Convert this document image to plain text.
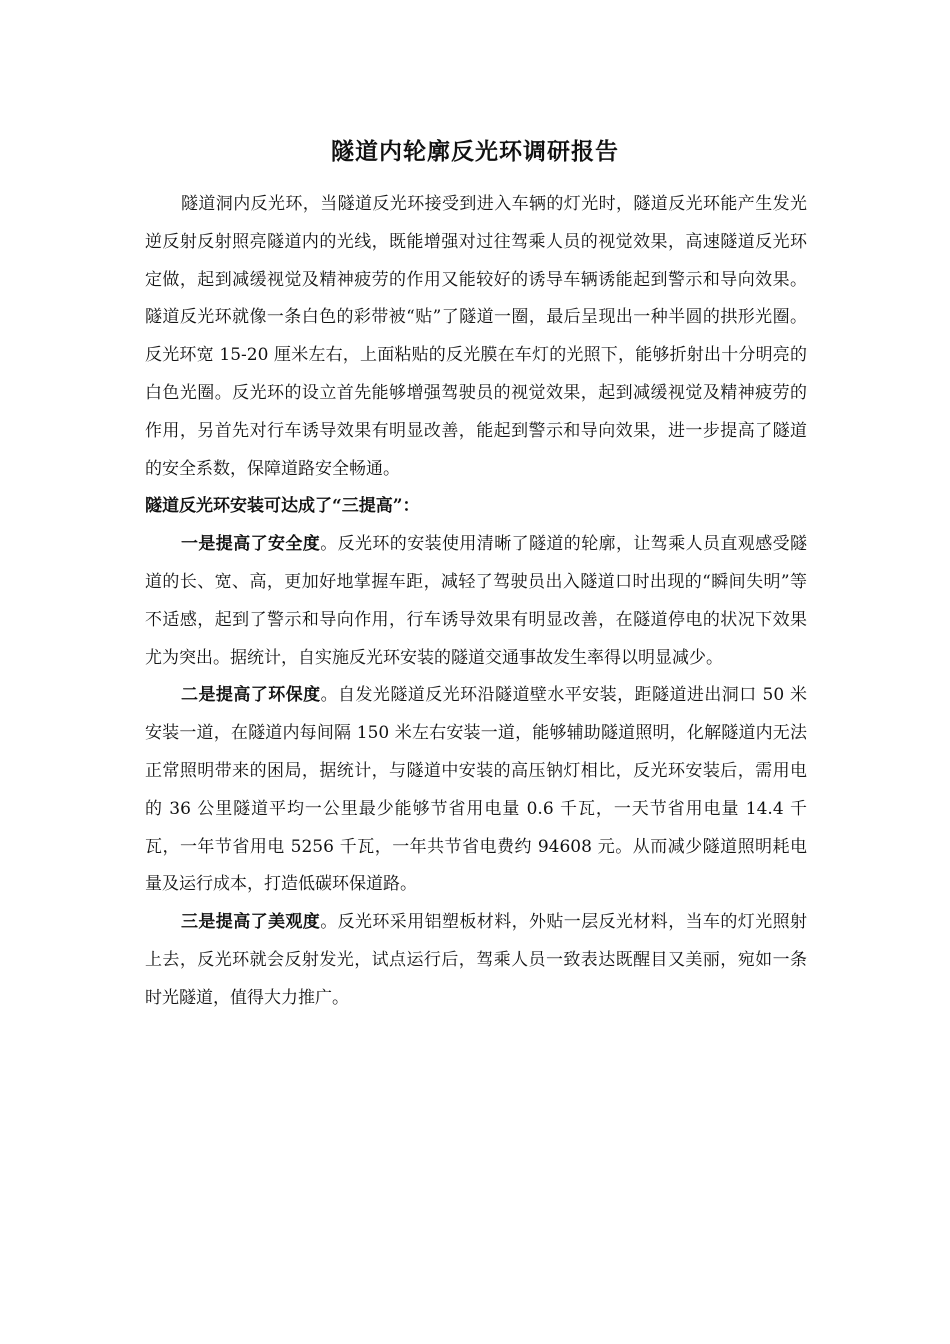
隧道内轮廓反光环调研报告

隧道洞内反光环，当隧道反光环接受到进入车辆的灯光时，隧道反光环能产生发光逆反射反射照亮隧道内的光线，既能增强对过往驾乘人员的视觉效果，高速隧道反光环定做，起到减缓视觉及精神疲劳的作用又能较好的诱导车辆诱能起到警示和导向效果。隧道反光环就像一条白色的彩带被“贴”了隧道一圈，最后呈现出一种半圆的拱形光圈。反光环宽 15-20 厘米左右，上面粘贴的反光膜在车灯的光照下，能够折射出十分明亮的白色光圈。反光环的设立首先能够增强驾驶员的视觉效果，起到减缓视觉及精神疲劳的作用，另首先对行车诱导效果有明显改善，能起到警示和导向效果，进一步提高了隧道的安全系数，保障道路安全畅通。

隧道反光环安装可达成了“三提高”：

一是提高了安全度。反光环的安装使用清晰了隧道的轮廓，让驾乘人员直观感受隧道的长、宽、高，更加好地掌握车距，减轻了驾驶员出入隧道口时出现的“瞬间失明”等不适感，起到了警示和导向作用，行车诱导效果有明显改善，在隧道停电的状况下效果尤为突出。据统计，自实施反光环安装的隧道交通事故发生率得以明显减少。

二是提高了环保度。自发光隧道反光环沿隧道壁水平安装，距隧道进出洞口 50 米安装一道，在隧道内每间隔 150 米左右安装一道，能够辅助隧道照明，化解隧道内无法正常照明带来的困局，据统计，与隧道中安装的高压钠灯相比，反光环安装后，需用电的 36 公里隧道平均一公里最少能够节省用电量 0.6 千瓦，一天节省用电量 14.4 千瓦，一年节省用电 5256 千瓦，一年共节省电费约 94608 元。从而减少隧道照明耗电量及运行成本，打造低碳环保道路。

三是提高了美观度。反光环采用铝塑板材料，外贴一层反光材料，当车的灯光照射上去，反光环就会反射发光，试点运行后，驾乘人员一致表达既醒目又美丽，宛如一条时光隧道，值得大力推广。
